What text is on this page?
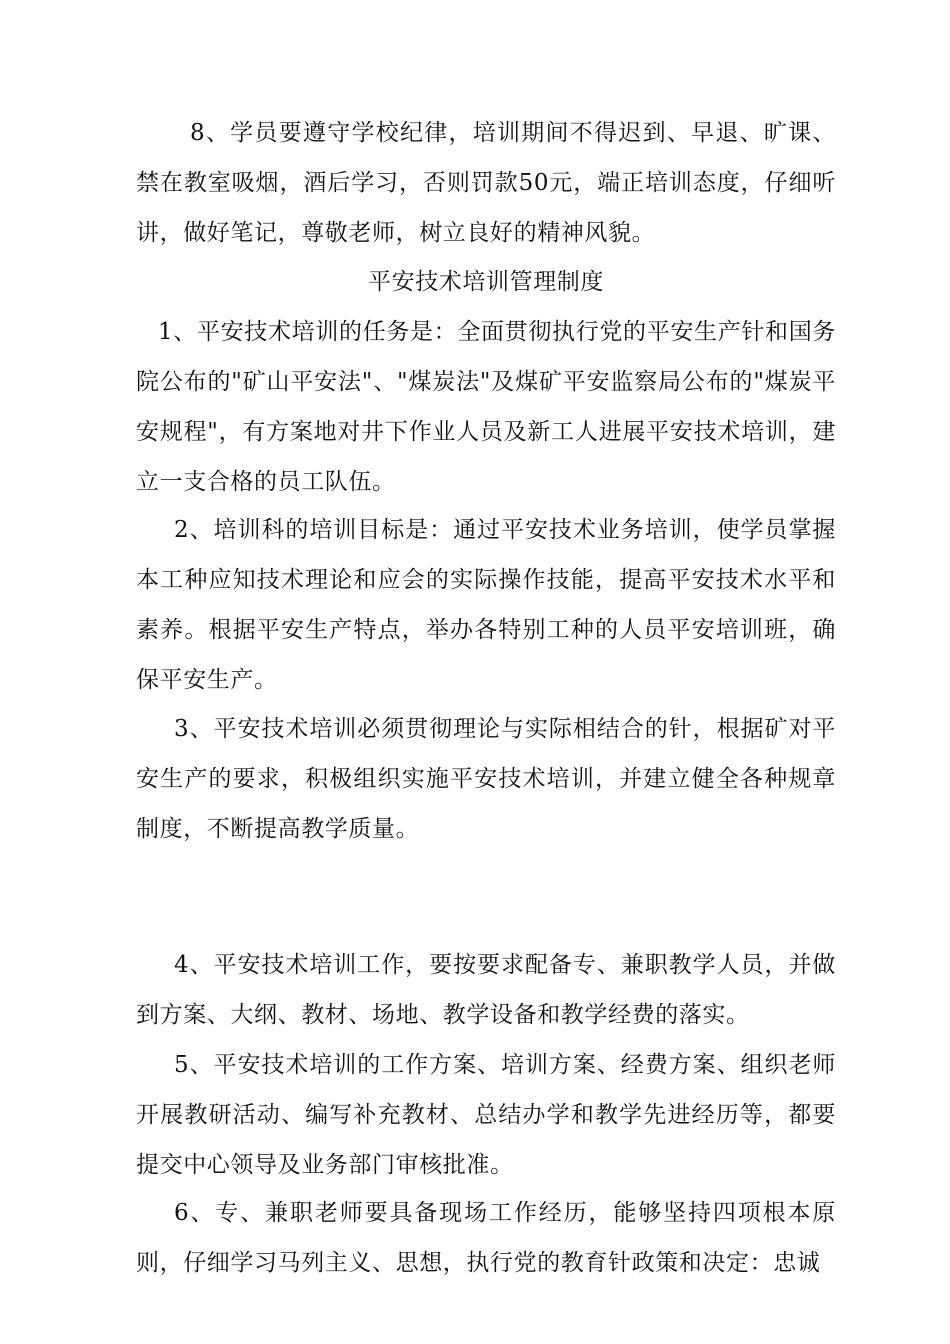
8、学员要遵守学校纪律，培训期间不得迟到、早退、旷课、禁在教室吸烟，酒后学习，否则罚款50元，端正培训态度，仔细听讲，做好笔记，尊敬老师，树立良好的精神风貌。

平安技术培训管理制度

1、平安技术培训的任务是：全面贯彻执行党的平安生产针和国务院公布的"矿山平安法"、"煤炭法"及煤矿平安监察局公布的"煤炭平安规程"，有方案地对井下作业人员及新工人进展平安技术培训，建立一支合格的员工队伍。

2、培训科的培训目标是：通过平安技术业务培训，使学员掌握本工种应知技术理论和应会的实际操作技能，提高平安技术水平和素养。根据平安生产特点，举办各特别工种的人员平安培训班，确保平安生产。

3、平安技术培训必须贯彻理论与实际相结合的针，根据矿对平安生产的要求，积极组织实施平安技术培训，并建立健全各种规章制度，不断提高教学质量。

4、平安技术培训工作，要按要求配备专、兼职教学人员，并做到方案、大纲、教材、场地、教学设备和教学经费的落实。

5、平安技术培训的工作方案、培训方案、经费方案、组织老师开展教研活动、编写补充教材、总结办学和教学先进经历等，都要提交中心领导及业务部门审核批准。

6、专、兼职老师要具备现场工作经历，能够坚持四项根本原则，仔细学习马列主义、思想，执行党的教育针政策和决定：忠诚
